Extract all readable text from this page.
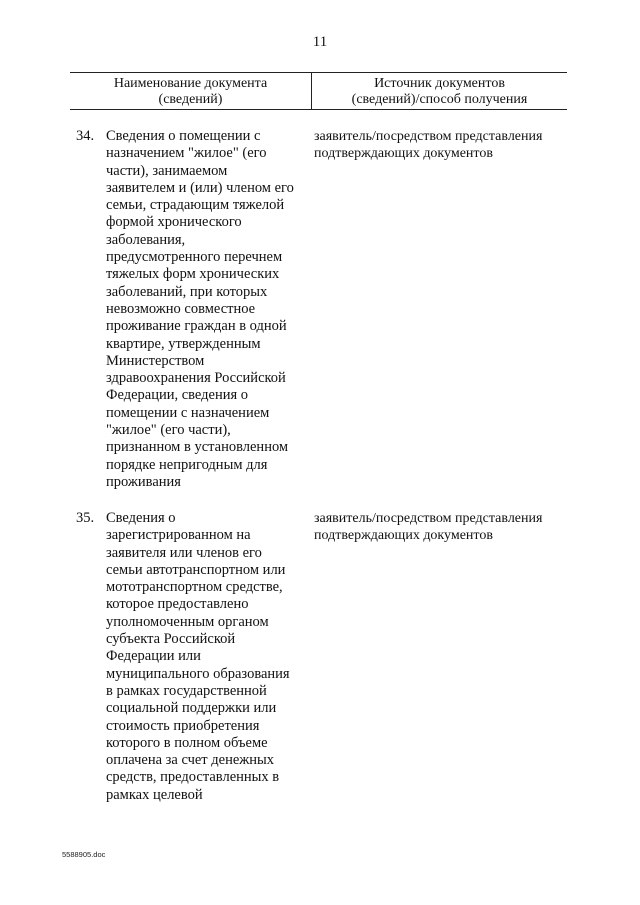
11
Наименование документа
(сведений)
Источник документов
(сведений)/способ получения
34. Сведения о помещении с
назначением "жилое" (его
части), занимаемом
заявителем и (или) членом его
семьи, страдающим тяжелой
формой хронического
заболевания,
предусмотренного перечнем
тяжелых форм хронических
заболеваний, при которых
невозможно совместное
проживание граждан в одной
квартире, утвержденным
Министерством
здравоохранения Российской
Федерации, сведения о
помещении с назначением
"жилое" (его части),
признанном в установленном
порядке непригодным для
проживания
заявитель/посредством представления
подтверждающих документов
35. Сведения о
зарегистрированном на
заявителя или членов его
семьи автотранспортном или
мототранспортном средстве,
которое предоставлено
уполномоченным органом
субъекта Российской
Федерации или
муниципального образования
в рамках государственной
социальной поддержки или
стоимость приобретения
которого в полном объеме
оплачена за счет денежных
средств, предоставленных в
рамках целевой
заявитель/посредством представления
подтверждающих документов
5588905.doc
